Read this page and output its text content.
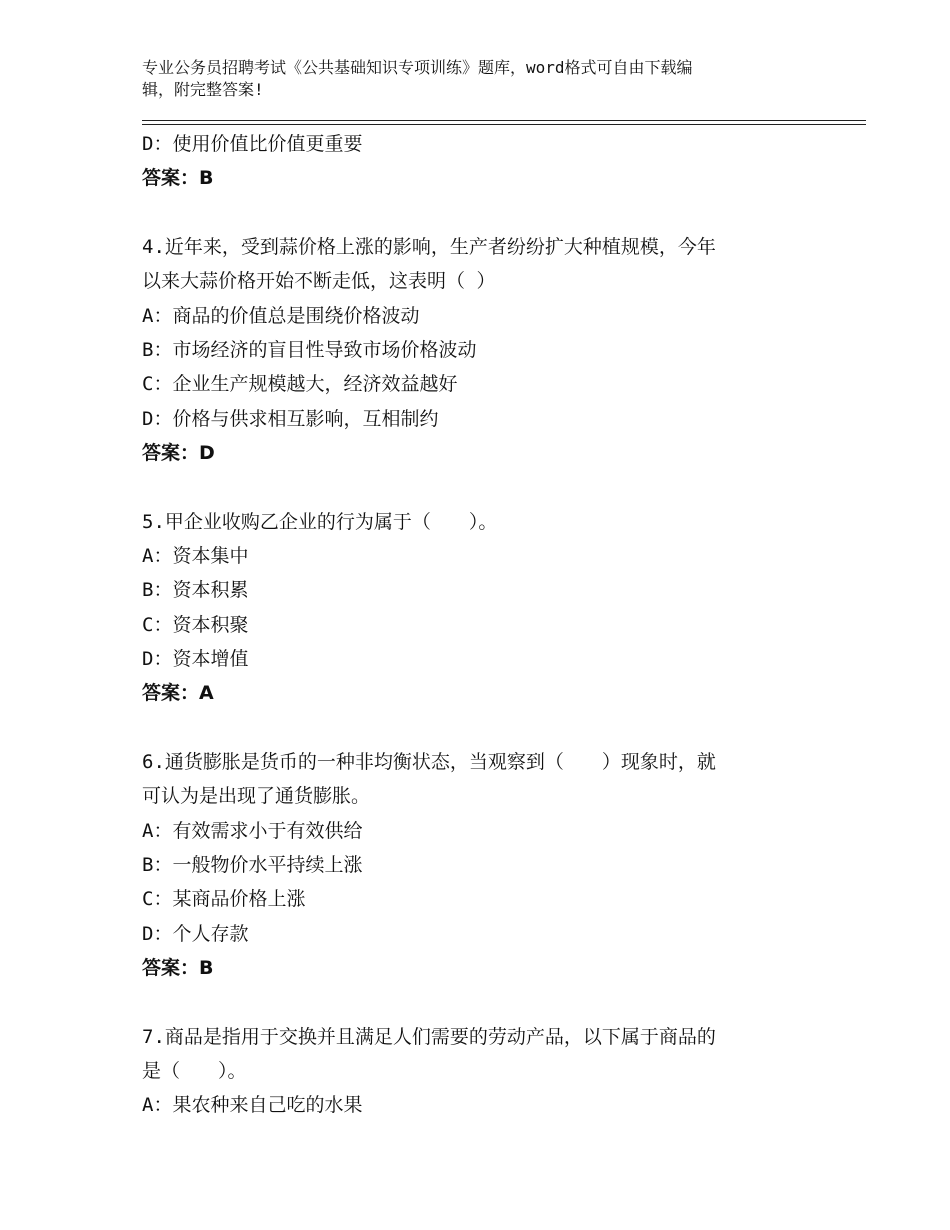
专业公务员招聘考试《公共基础知识专项训练》题库，word格式可自由下载编
辑，附完整答案!
D：使用价值比价值更重要
答案：B
4.近年来，受到蒜价格上涨的影响，生产者纷纷扩大种植规模，今年
以来大蒜价格开始不断走低，这表明（ ）
A：商品的价值总是围绕价格波动
B：市场经济的盲目性导致市场价格波动
C：企业生产规模越大，经济效益越好
D：价格与供求相互影响，互相制约
答案：D
5.甲企业收购乙企业的行为属于（　　）。
A：资本集中
B：资本积累
C：资本积聚
D：资本增值
答案：A
6.通货膨胀是货币的一种非均衡状态，当观察到（　　）现象时，就
可认为是出现了通货膨胀。
A：有效需求小于有效供给
B：一般物价水平持续上涨
C：某商品价格上涨
D：个人存款
答案：B
7.商品是指用于交换并且满足人们需要的劳动产品，以下属于商品的
是（　　）。
A：果农种来自己吃的水果
